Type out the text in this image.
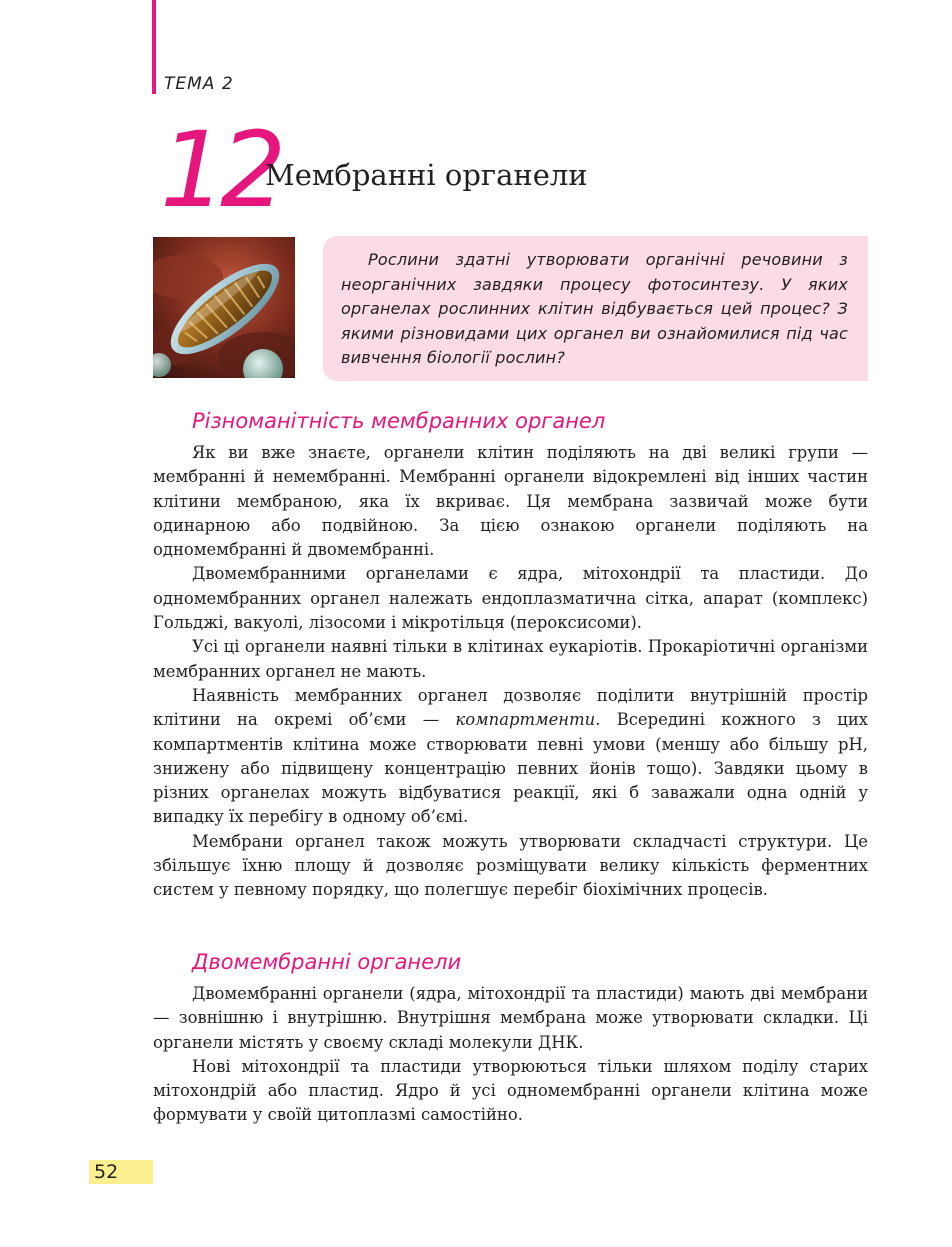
ТЕМА 2
12
Мембранні органели

Рослини здатні утворювати органічні речовини з неорганічних завдяки процесу фотосинтезу. У яких органелах рослинних клітин відбувається цей процес? З якими різновидами цих органел ви ознайомилися під час вивчення біології рослин?

Різноманітність мембранних органел

Як ви вже знаєте, органели клітин поділяють на дві великі групи — мембранні й немембранні. Мембранні органели відокремлені від інших частин клітини мембраною, яка їх вкриває. Ця мембрана зазвичай може бути одинарною або подвійною. За цією ознакою органели поділяють на одномембранні й двомембранні.

Двомембранними органелами є ядра, мітохондрії та пластиди. До одномембранних органел належать ендоплазматична сітка, апарат (комплекс) Гольджі, вакуолі, лізосоми і мікротільця (пероксисоми).

Усі ці органели наявні тільки в клітинах еукаріотів. Прокаріотичні організми мембранних органел не мають.

Наявність мембранних органел дозволяє поділити внутрішній простір клітини на окремі об’єми — компартменти. Всередині кожного з цих компартментів клітина може створювати певні умови (меншу або більшу pH, знижену або підвищену концентрацію певних йонів тощо). Завдяки цьому в різних органелах можуть відбуватися реакції, які б заважали одна одній у випадку їх перебігу в одному об’ємі.

Мембрани органел також можуть утворювати складчасті структури. Це збільшує їхню площу й дозволяє розміщувати велику кількість ферментних систем у певному порядку, що полегшує перебіг біохімічних процесів.

Двомембранні органели

Двомембранні органели (ядра, мітохондрії та пластиди) мають дві мембрани — зовнішню і внутрішню. Внутрішня мембрана може утворювати складки. Ці органели містять у своєму складі молекули ДНК.

Нові мітохондрії та пластиди утворюються тільки шляхом поділу старих мітохондрій або пластид. Ядро й усі одномембранні органели клітина може формувати у своїй цитоплазмі самостійно.

52
